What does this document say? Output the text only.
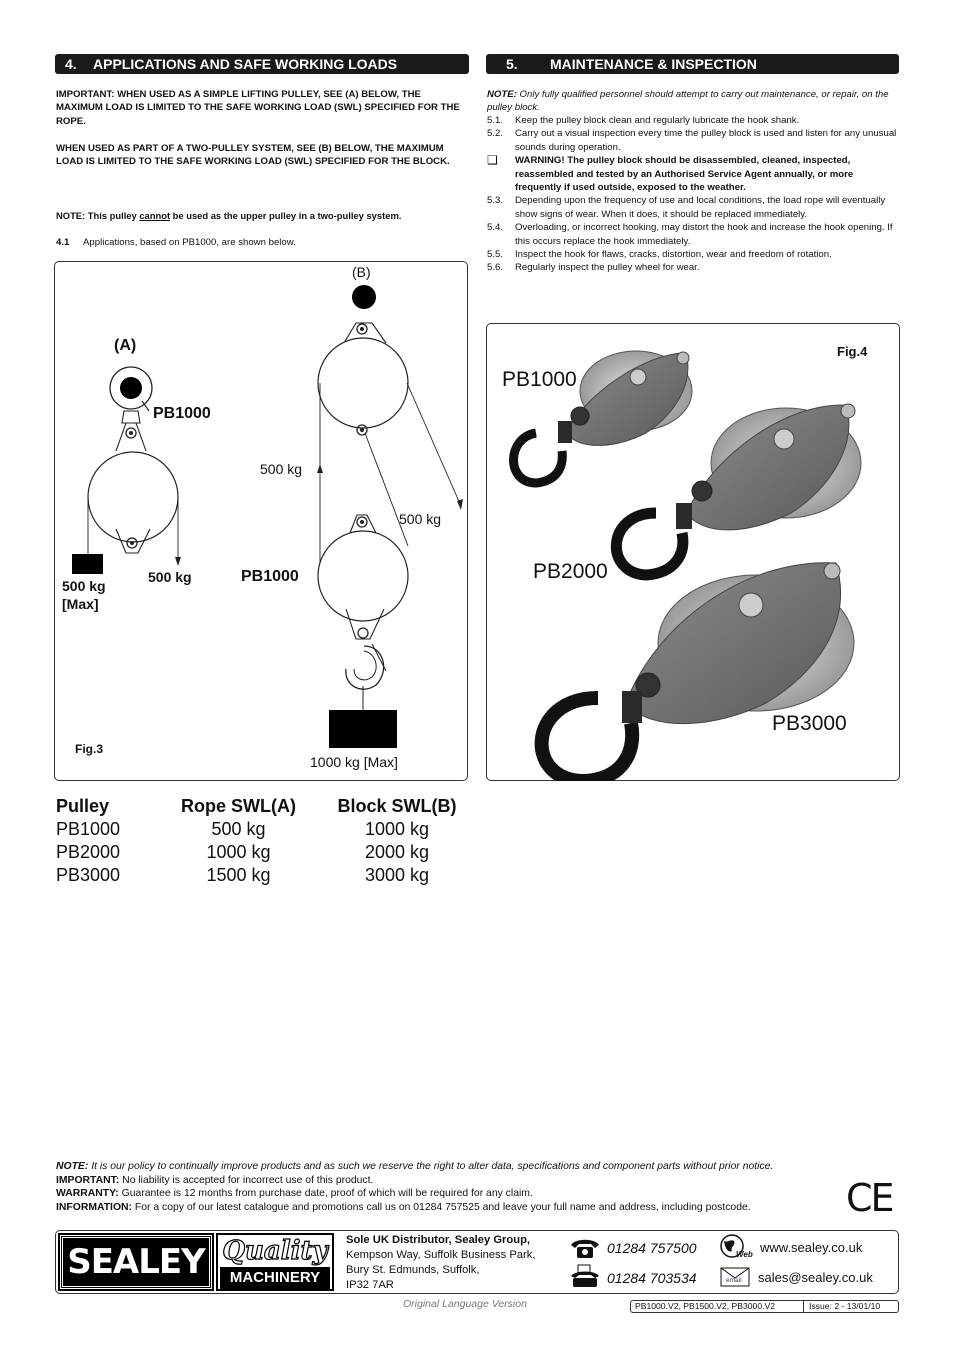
4. APPLICATIONS AND SAFE WORKING LOADS
IMPORTANT: WHEN USED AS A SIMPLE LIFTING PULLEY, SEE (A) BELOW, THE MAXIMUM LOAD IS LIMITED TO THE SAFE WORKING LOAD (SWL) SPECIFIED FOR THE ROPE.
WHEN USED AS PART OF A TWO-PULLEY SYSTEM, SEE (B) BELOW, THE MAXIMUM LOAD IS LIMITED TO THE SAFE WORKING LOAD (SWL) SPECIFIED FOR THE BLOCK.
NOTE: This pulley cannot be used as the upper pulley in a two-pulley system.
4.1 Applications, based on PB1000, are shown below.
(A)
PB1000
500 kg
[Max]
500 kg
(B)
500 kg
500 kg
PB1000
1000 kg [Max]
Fig.3
5. MAINTENANCE & INSPECTION
NOTE: Only fully qualified personnel should attempt to carry out maintenance, or repair, on the pulley block.
5.1. Keep the pulley block clean and regularly lubricate the hook shank.
5.2. Carry out a visual inspection every time the pulley block is used and listen for any unusual sounds during operation.
❑ WARNING! The pulley block should be disassembled, cleaned, inspected, reassembled and tested by an Authorised Service Agent annually, or more frequently if used outside, exposed to the weather.
5.3. Depending upon the frequency of use and local conditions, the load rope will eventually show signs of wear. When it does, it should be replaced immediately.
5.4. Overloading, or incorrect hooking, may distort the hook and increase the hook opening. If this occurs replace the hook immediately.
5.5. Inspect the hook for flaws, cracks, distortion, wear and freedom of rotation.
5.6. Regularly inspect the pulley wheel for wear.
Fig.4
PB1000
PB2000
PB3000
Pulley	Rope SWL(A) Block SWL(B)
PB1000	500 kg	1000 kg
PB2000	1000 kg	2000 kg
PB3000	1500 kg	3000 kg
NOTE: It is our policy to continually improve products and as such we reserve the right to alter data, specifications and component parts without prior notice.
IMPORTANT: No liability is accepted for incorrect use of this product.
WARRANTY: Guarantee is 12 months from purchase date, proof of which will be required for any claim.
INFORMATION: For a copy of our latest catalogue and promotions call us on 01284 757525 and leave your full name and address, including postcode.	CE
SEALEY Quality
MACHINERY
Sole UK Distributor, Sealey Group,
Kempson Way, Suffolk Business Park,
Bury St. Edmunds, Suffolk,
IP32 7AR
01284 757500
01284 703534
Web www.sealey.co.uk
email sales@sealey.co.uk
Original Language Version	PB1000.V2, PB1500.V2, PB3000.V2	Issue: 2 - 13/01/10
